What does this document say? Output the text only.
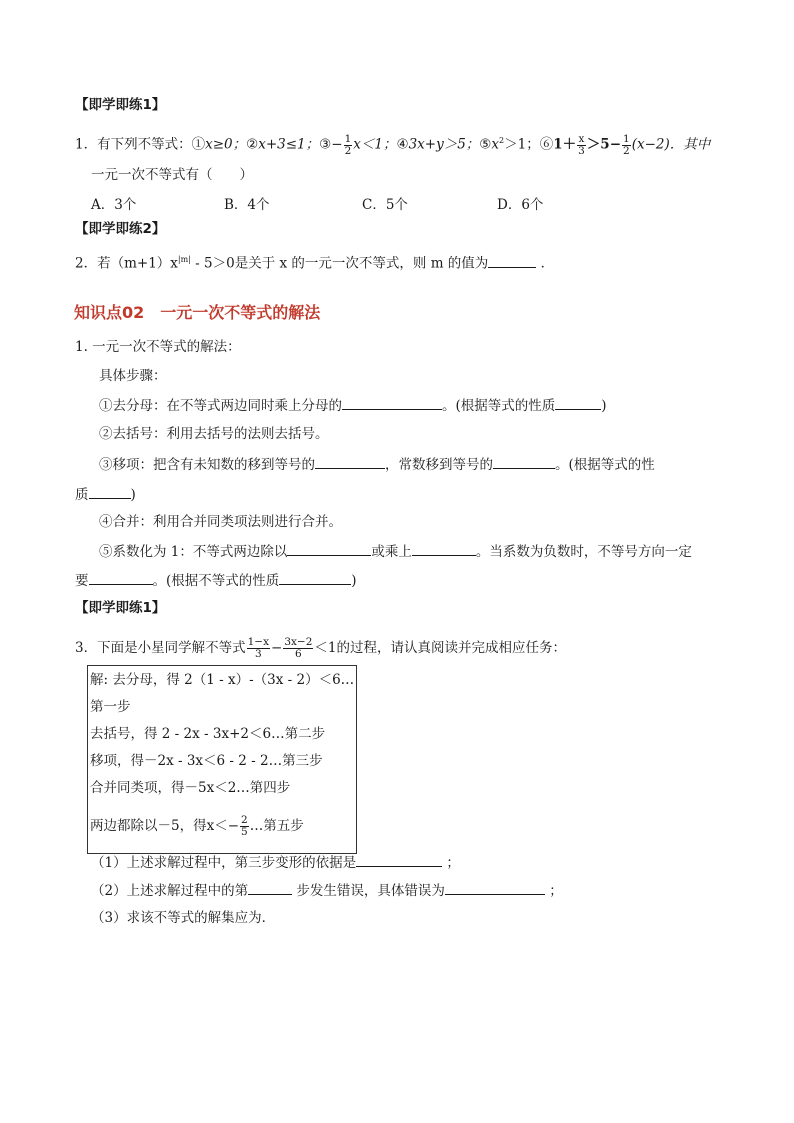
【即学即练1】
1．有下列不等式：①x≥0；②x+3≤1；③− $\frac{1}{2} x<1$；④3x+y＞5；$⑤x^2>1$；⑥1＋ $\frac{x}{3} >5- \frac{1}{2} (x-2)$．其中
一元一次不等式有（　　）
A．3个	B．4个	C．5个	D．6个
【即学即练2】
2．若$(m+1)x^{|m|} - 5>0$是关于 x 的一元一次不等式，则 m 的值为	．
知识点02　一元一次不等式的解法
1. 一元一次不等式的解法：
具体步骤：
①去分母：在不等式两边同时乘上分母的	。(根据等式的性质	)
②去括号：利用去括号的法则去括号。
③移项：把含有未知数的移到等号的	，常数移到等号的	。(根据等式的性
质	)
④合并：利用合并同类项法则进行合并。
⑤系数化为 1：不等式两边除以	或乘上	。当系数为负数时，不等号方向一定
要	。(根据不等式的性质	)
【即学即练1】
3．下面是小星同学解不等式 $\frac{1-x}{3} - \frac{3x-2}{6} <1$的过程，请认真阅读并完成相应任务：
解: 去分母，得 2（1 - x）-（3x - 2）＜6…
第一步
去括号，得 2 - 2x - 3x+2＜6…第二步
移项，得－2x - 3x＜6 - 2 - 2…第三步
合并同类项，得－5x＜2…第四步
两边都除以－5，得$x<- \frac{2}{5}$ …第五步
（1）上述求解过程中，第三步变形的依据是	；
（2）上述求解过程中的第	步发生错误，具体错误为	；
（3）求该不等式的解集应为．
